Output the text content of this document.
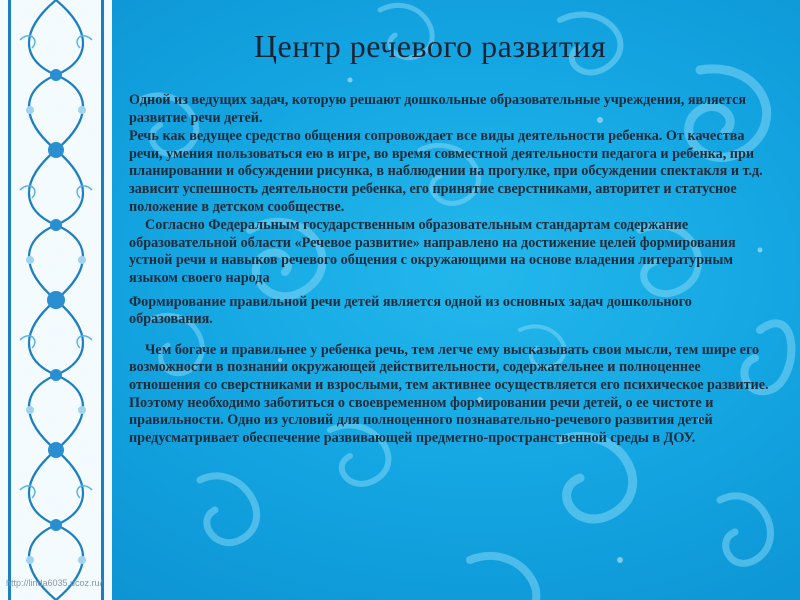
Центр речевого развития

Одной из ведущих задач, которую решают дошкольные образовательные учреждения, является развитие речи детей.

Речь как ведущее средство общения сопровождает все виды деятельности ребенка. От качества речи, умения пользоваться ею в игре, во время совместной деятельности педагога и ребенка, при планировании и обсуждении рисунка, в наблюдении на прогулке, при обсуждении спектакля и т.д. зависит успешность деятельности ребенка, его принятие сверстниками, авторитет и статусное положение в детском сообществе.

Согласно Федеральным государственным образовательным стандартам содержание образовательной области «Речевое развитие» направлено на достижение целей формирования устной речи и навыков речевого общения с окружающими на основе владения литературным языком своего народа

Формирование правильной речи детей является одной из основных задач дошкольного образования.

Чем богаче и правильнее у ребенка речь, тем легче ему высказывать свои мысли, тем шире его возможности в познании окружающей действительности, содержательнее и полноценнее отношения со сверстниками и взрослыми, тем активнее осуществляется его психическое развитие. Поэтому необходимо заботиться о своевременном формировании речи детей, о ее чистоте и правильности. Одно из условий для полноценного познавательно-речевого развития детей предусматривает обеспечение развивающей предметно-пространственной среды в ДОУ.

http://linda6035.ucoz.ru/
